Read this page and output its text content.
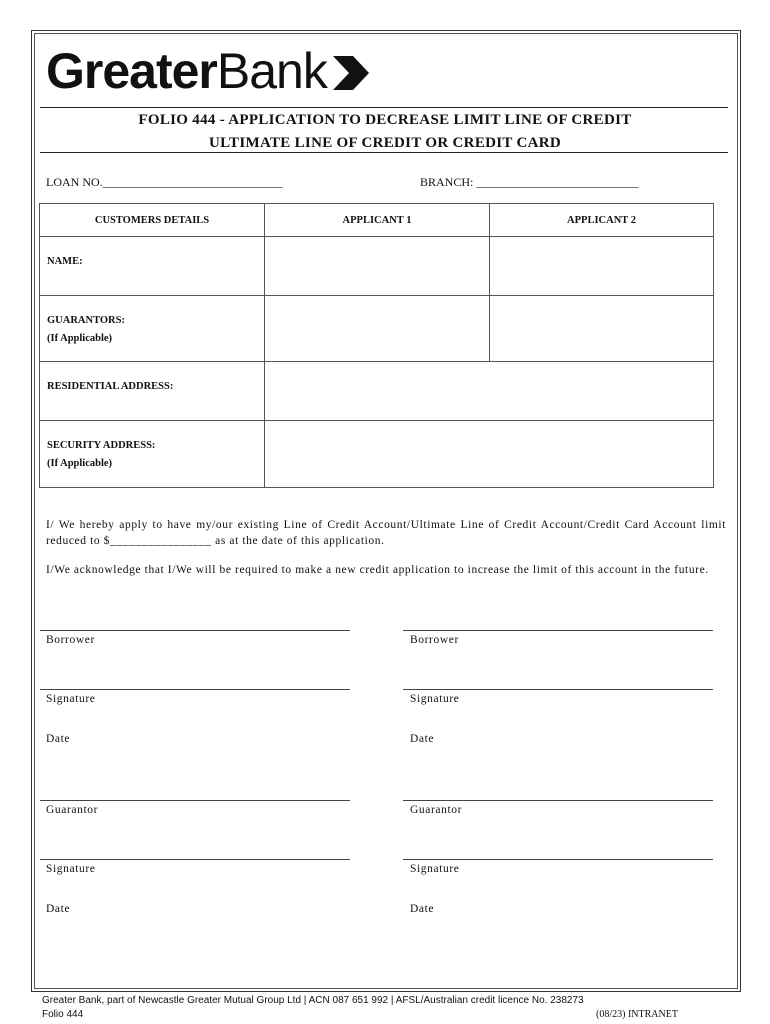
Greater Bank
FOLIO 444 - APPLICATION TO DECREASE LIMIT LINE OF CREDIT
ULTIMATE LINE OF CREDIT OR CREDIT CARD
LOAN NO.______________________________	BRANCH: ___________________________
CUSTOMERS DETAILS	APPLICANT 1	APPLICANT 2

NAME:		

GUARANTORS:
(If Applicable)		

RESIDENTIAL ADDRESS:		

SECURITY ADDRESS:
(If Applicable)		

I/ We hereby apply to have my/our existing Line of Credit Account/Ultimate Line of Credit Account/Credit Card Account limit reduced to $________________ as at the date of this application.
I/We acknowledge that I/We will be required to make a new credit application to increase the limit of this account in the future.
Borrower
Signature
Date
Borrower
Signature
Date
Guarantor
Signature
Date
Guarantor
Signature
Date
Greater Bank, part of Newcastle Greater Mutual Group Ltd | ACN 087 651 992 | AFSL/Australian credit licence No. 238273
Folio 444	(08/23) INTRANET
